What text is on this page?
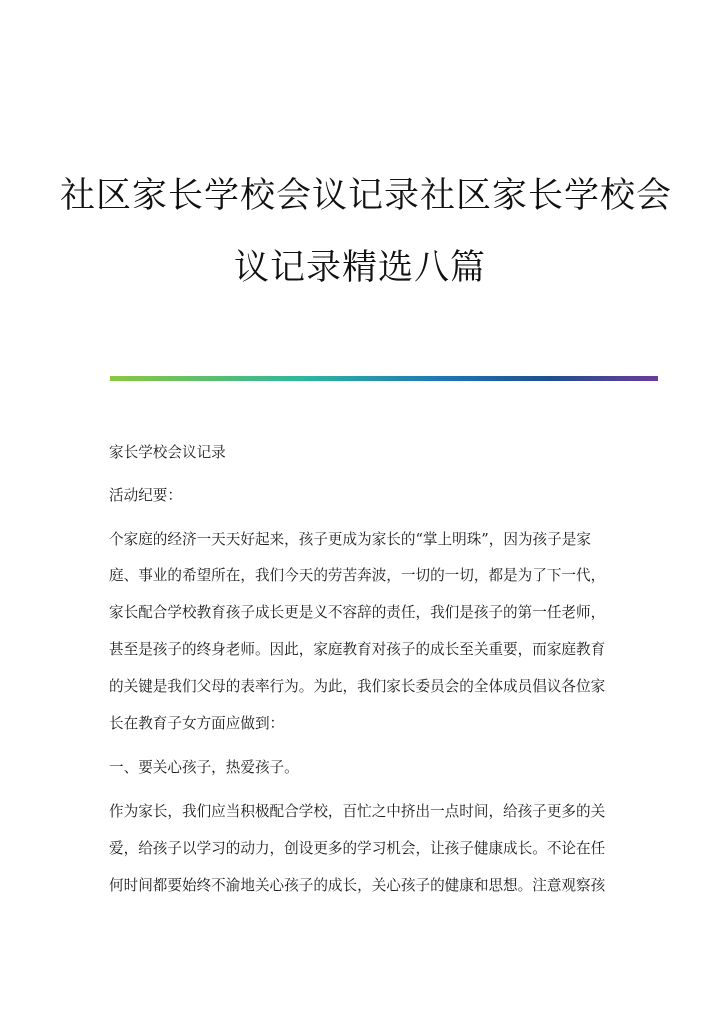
社区家长学校会议记录社区家长学校会
议记录精选八篇
家长学校会议记录
活动纪要：
个家庭的经济一天天好起来，孩子更成为家长的“掌上明珠”，因为孩子是家
庭、事业的希望所在，我们今天的劳苦奔波，一切的一切，都是为了下一代，
家长配合学校教育孩子成长更是义不容辞的责任，我们是孩子的第一任老师，
甚至是孩子的终身老师。因此，家庭教育对孩子的成长至关重要，而家庭教育
的关键是我们父母的表率行为。为此，我们家长委员会的全体成员倡议各位家
长在教育子女方面应做到：
一、要关心孩子，热爱孩子。
作为家长，我们应当积极配合学校，百忙之中挤出一点时间，给孩子更多的关
爱，给孩子以学习的动力，创设更多的学习机会，让孩子健康成长。不论在任
何时间都要始终不渝地关心孩子的成长，关心孩子的健康和思想。注意观察孩
